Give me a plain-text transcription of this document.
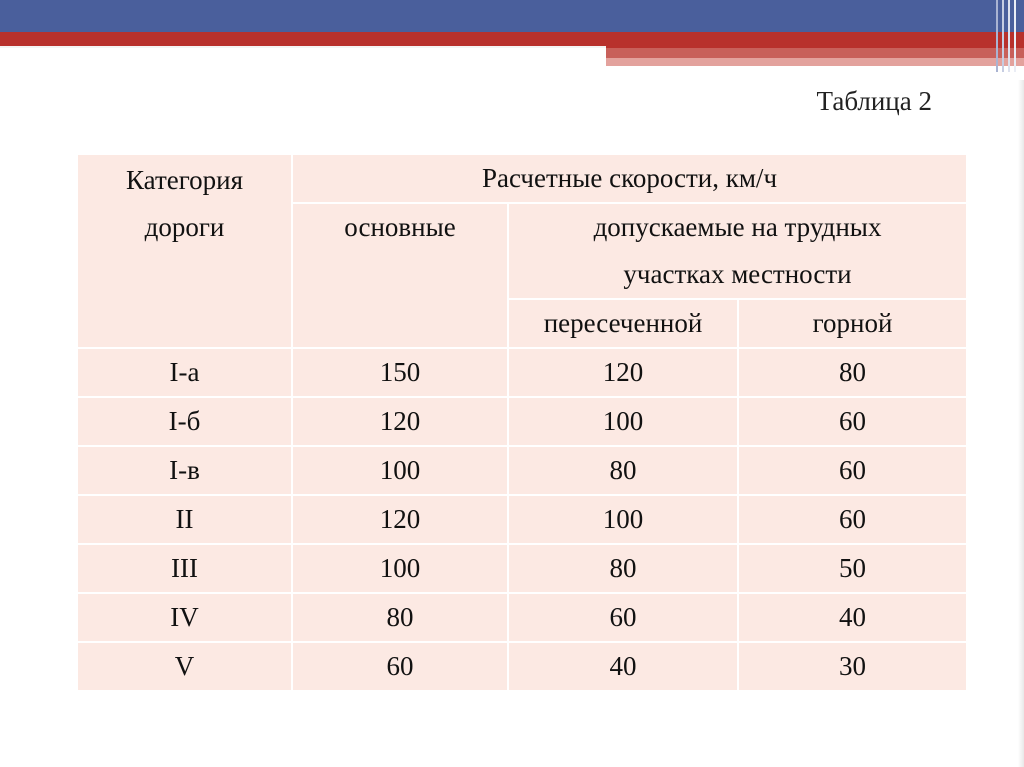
Таблица 2
Категория
дороги	Расчетные скорости, км/ч		
	основные	допускаемые на трудных
участках местности	

		пересеченной	горной
I-а	150	120	80
I-б	120	100	60
I-в	100	80	60
II	120	100	60
III	100	80	50
IV	80	60	40
V	60	40	30
